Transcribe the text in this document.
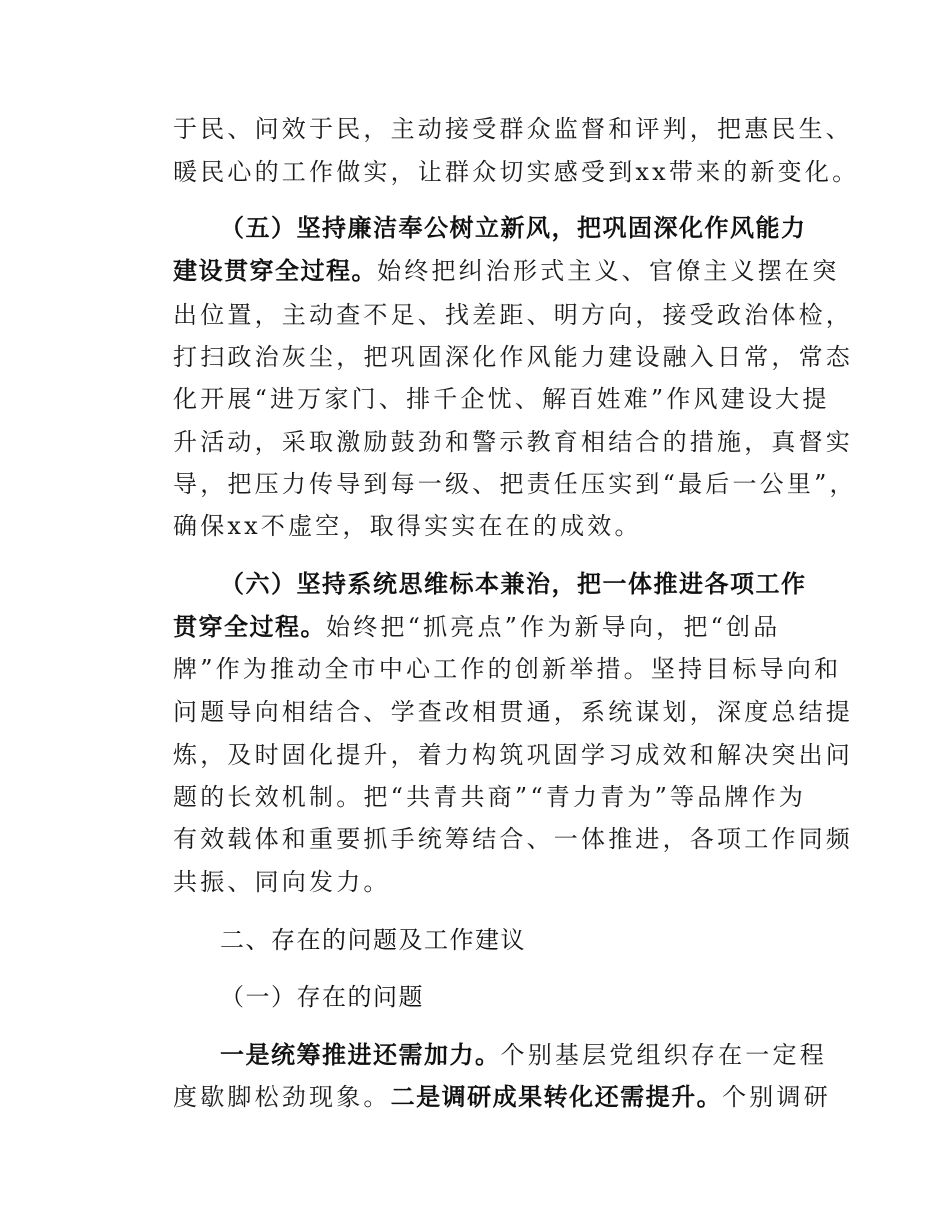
于民、问效于民，主动接受群众监督和评判，把惠民生、
暖民心的工作做实，让群众切实感受到xx带来的新变化。
（五）坚持廉洁奉公树立新风，把巩固深化作风能力
建设贯穿全过程。始终把纠治形式主义、官僚主义摆在突
出位置，主动查不足、找差距、明方向，接受政治体检，
打扫政治灰尘，把巩固深化作风能力建设融入日常，常态
化开展“进万家门、排千企忧、解百姓难”作风建设大提
升活动，采取激励鼓劲和警示教育相结合的措施，真督实
导，把压力传导到每一级、把责任压实到“最后一公里”，
确保xx不虚空，取得实实在在的成效。
（六）坚持系统思维标本兼治，把一体推进各项工作
贯穿全过程。始终把“抓亮点”作为新导向，把“创品
牌”作为推动全市中心工作的创新举措。坚持目标导向和
问题导向相结合、学查改相贯通，系统谋划，深度总结提
炼，及时固化提升，着力构筑巩固学习成效和解决突出问
题的长效机制。把“共青共商”“青力青为”等品牌作为
有效载体和重要抓手统筹结合、一体推进，各项工作同频
共振、同向发力。
二、存在的问题及工作建议
（一）存在的问题
一是统筹推进还需加力。个别基层党组织存在一定程
度歇脚松劲现象。二是调研成果转化还需提升。个别调研
